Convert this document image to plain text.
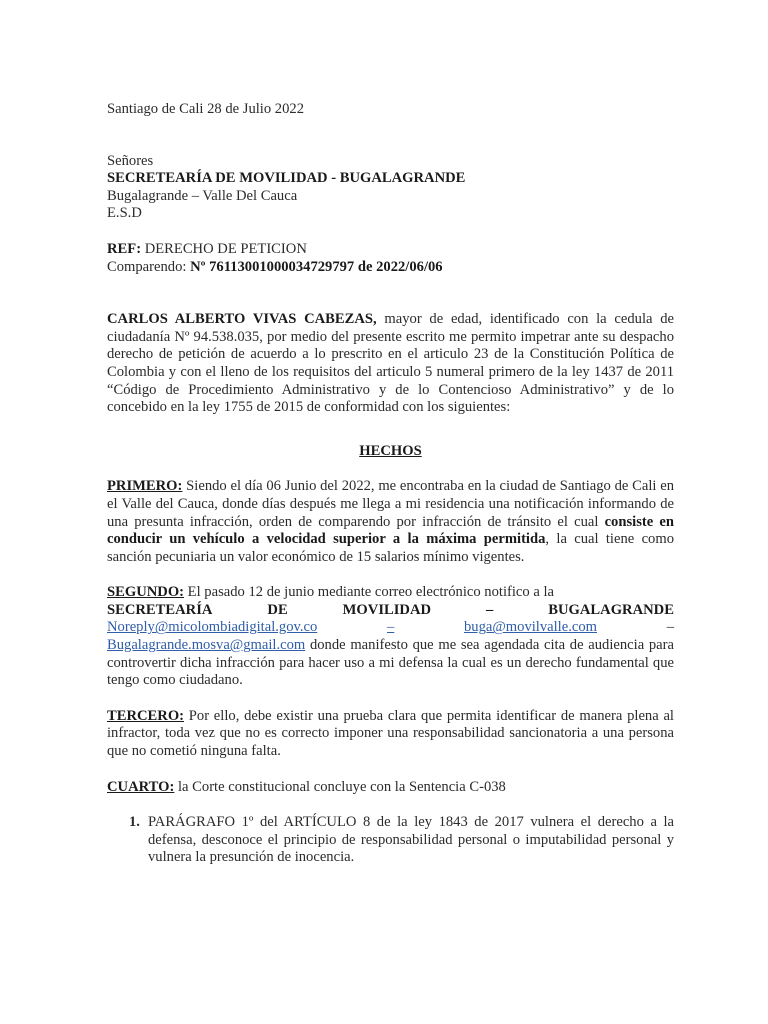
Santiago de Cali 28 de Julio 2022

Señores

SECRETEARÍA DE MOVILIDAD - BUGALAGRANDE

Bugalagrande – Valle Del Cauca

E.S.D

REF: DERECHO DE PETICION

Comparendo: Nº 76113001000034729797 de 2022/06/06

CARLOS ALBERTO VIVAS CABEZAS, mayor de edad, identificado con la cedula de ciudadanía Nº 94.538.035, por medio del presente escrito me permito impetrar ante su despacho derecho de petición de acuerdo a lo prescrito en el articulo 23 de la Constitución Política de Colombia y con el lleno de los requisitos del articulo 5 numeral primero de la ley 1437 de 2011 “Código de Procedimiento Administrativo y de lo Contencioso Administrativo” y de lo concebido en la ley 1755 de 2015 de conformidad con los siguientes:

HECHOS

PRIMERO: Siendo el día 06 Junio del 2022, me encontraba en la ciudad de Santiago de Cali en el Valle del Cauca, donde días después me llega a mi residencia una notificación informando de una presunta infracción, orden de comparendo por infracción de tránsito el cual consiste en conducir un vehículo a velocidad superior a la máxima permitida, la cual tiene como sanción pecuniaria un valor económico de 15 salarios mínimo vigentes.

SEGUNDO: El pasado 12 de junio mediante correo electrónico notifico a la

SECRETEARÍA	DE	MOVILIDAD	–	BUGALAGRANDE
Noreply@micolombiadigital.gov.co	–	buga@movilvalle.com	–

Bugalagrande.mosva@gmail.com donde manifesto que me sea agendada cita de audiencia para controvertir dicha infracción para hacer uso a mi defensa la cual es un derecho fundamental que tengo como ciudadano.

TERCERO: Por ello, debe existir una prueba clara que permita identificar de manera plena al infractor, toda vez que no es correcto imponer una responsabilidad sancionatoria a una persona que no cometió ninguna falta.

CUARTO: la Corte constitucional concluye con la Sentencia C-038

1. PARÁGRAFO 1º del ARTÍCULO 8 de la ley 1843 de 2017 vulnera el derecho a la defensa, desconoce el principio de responsabilidad personal o imputabilidad personal y vulnera la presunción de inocencia.
